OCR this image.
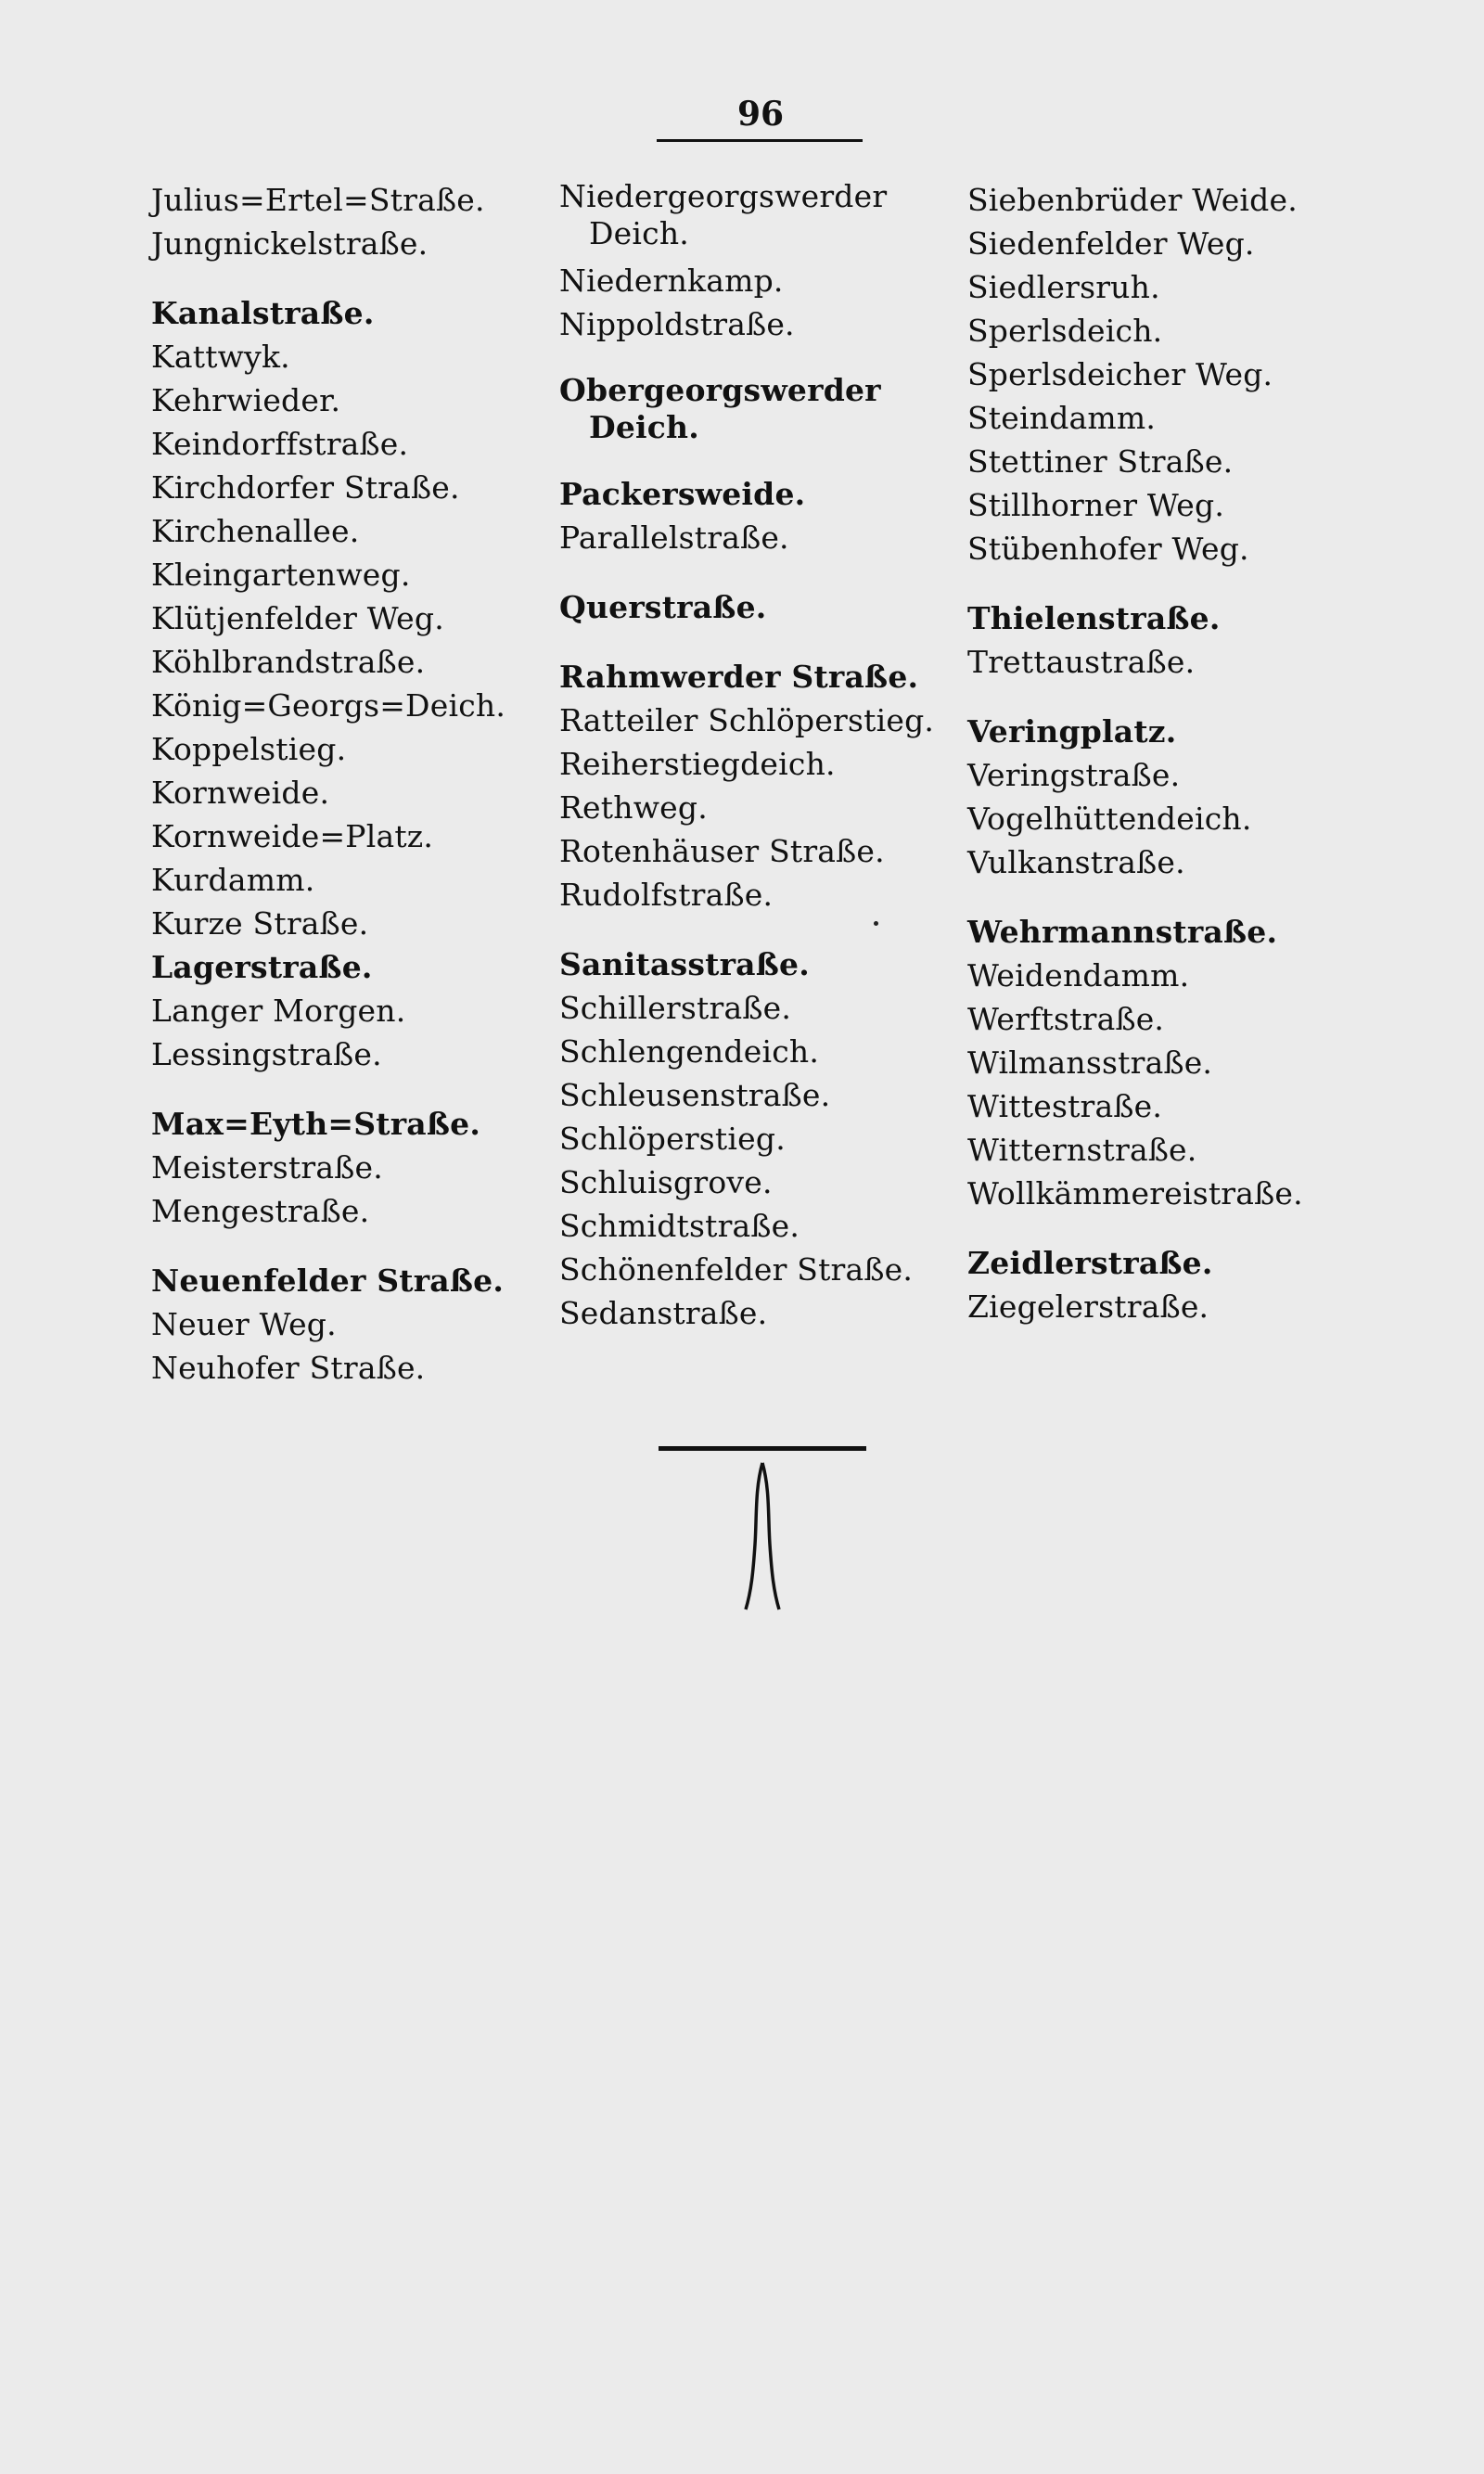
96
Julius=Ertel=Straße.
Jungnickelstraße.
Kanalstraße.
Kattwyk.
Kehrwieder.
Keindorffstraße.
Kirchdorfer Straße.
Kirchenallee.
Kleingartenweg.
Klütjenfelder Weg.
Köhlbrandstraße.
König=Georgs=Deich.
Koppelstieg.
Kornweide.
Kornweide=Platz.
Kurdamm.
Kurze Straße.
Lagerstraße.
Langer Morgen.
Lessingstraße.
Max=Eyth=Straße.
Meisterstraße.
Mengestraße.
Neuenfelder Straße.
Neuer Weg.
Neuhofer Straße.
Niedergeorgswerder
Deich.
Niedernkamp.
Nippoldstraße.
Obergeorgswerder
Deich.
Packersweide.
Parallelstraße.
Querstraße.
Rahmwerder Straße.
Ratteiler Schlöperstieg.
Reiherstiegdeich.
Rethweg.
Rotenhäuser Straße.
Rudolfstraße.
Sanitasstraße.
Schillerstraße.
Schlengendeich.
Schleusenstraße.
Schlöperstieg.
Schluisgrove.
Schmidtstraße.
Schönenfelder Straße.
Sedanstraße.
Siebenbrüder Weide.
Siedenfelder Weg.
Siedlersruh.
Sperlsdeich.
Sperlsdeicher Weg.
Steindamm.
Stettiner Straße.
Stillhorner Weg.
Stübenhofer Weg.
Thielenstraße.
Trettaustraße.
Veringplatz.
Veringstraße.
Vogelhüttendeich.
Vulkanstraße.
Wehrmannstraße.
Weidendamm.
Werftstraße.
Wilmansstraße.
Wittestraße.
Witternstraße.
Wollkämmereistraße.
Zeidlerstraße.
Ziegelerstraße.
